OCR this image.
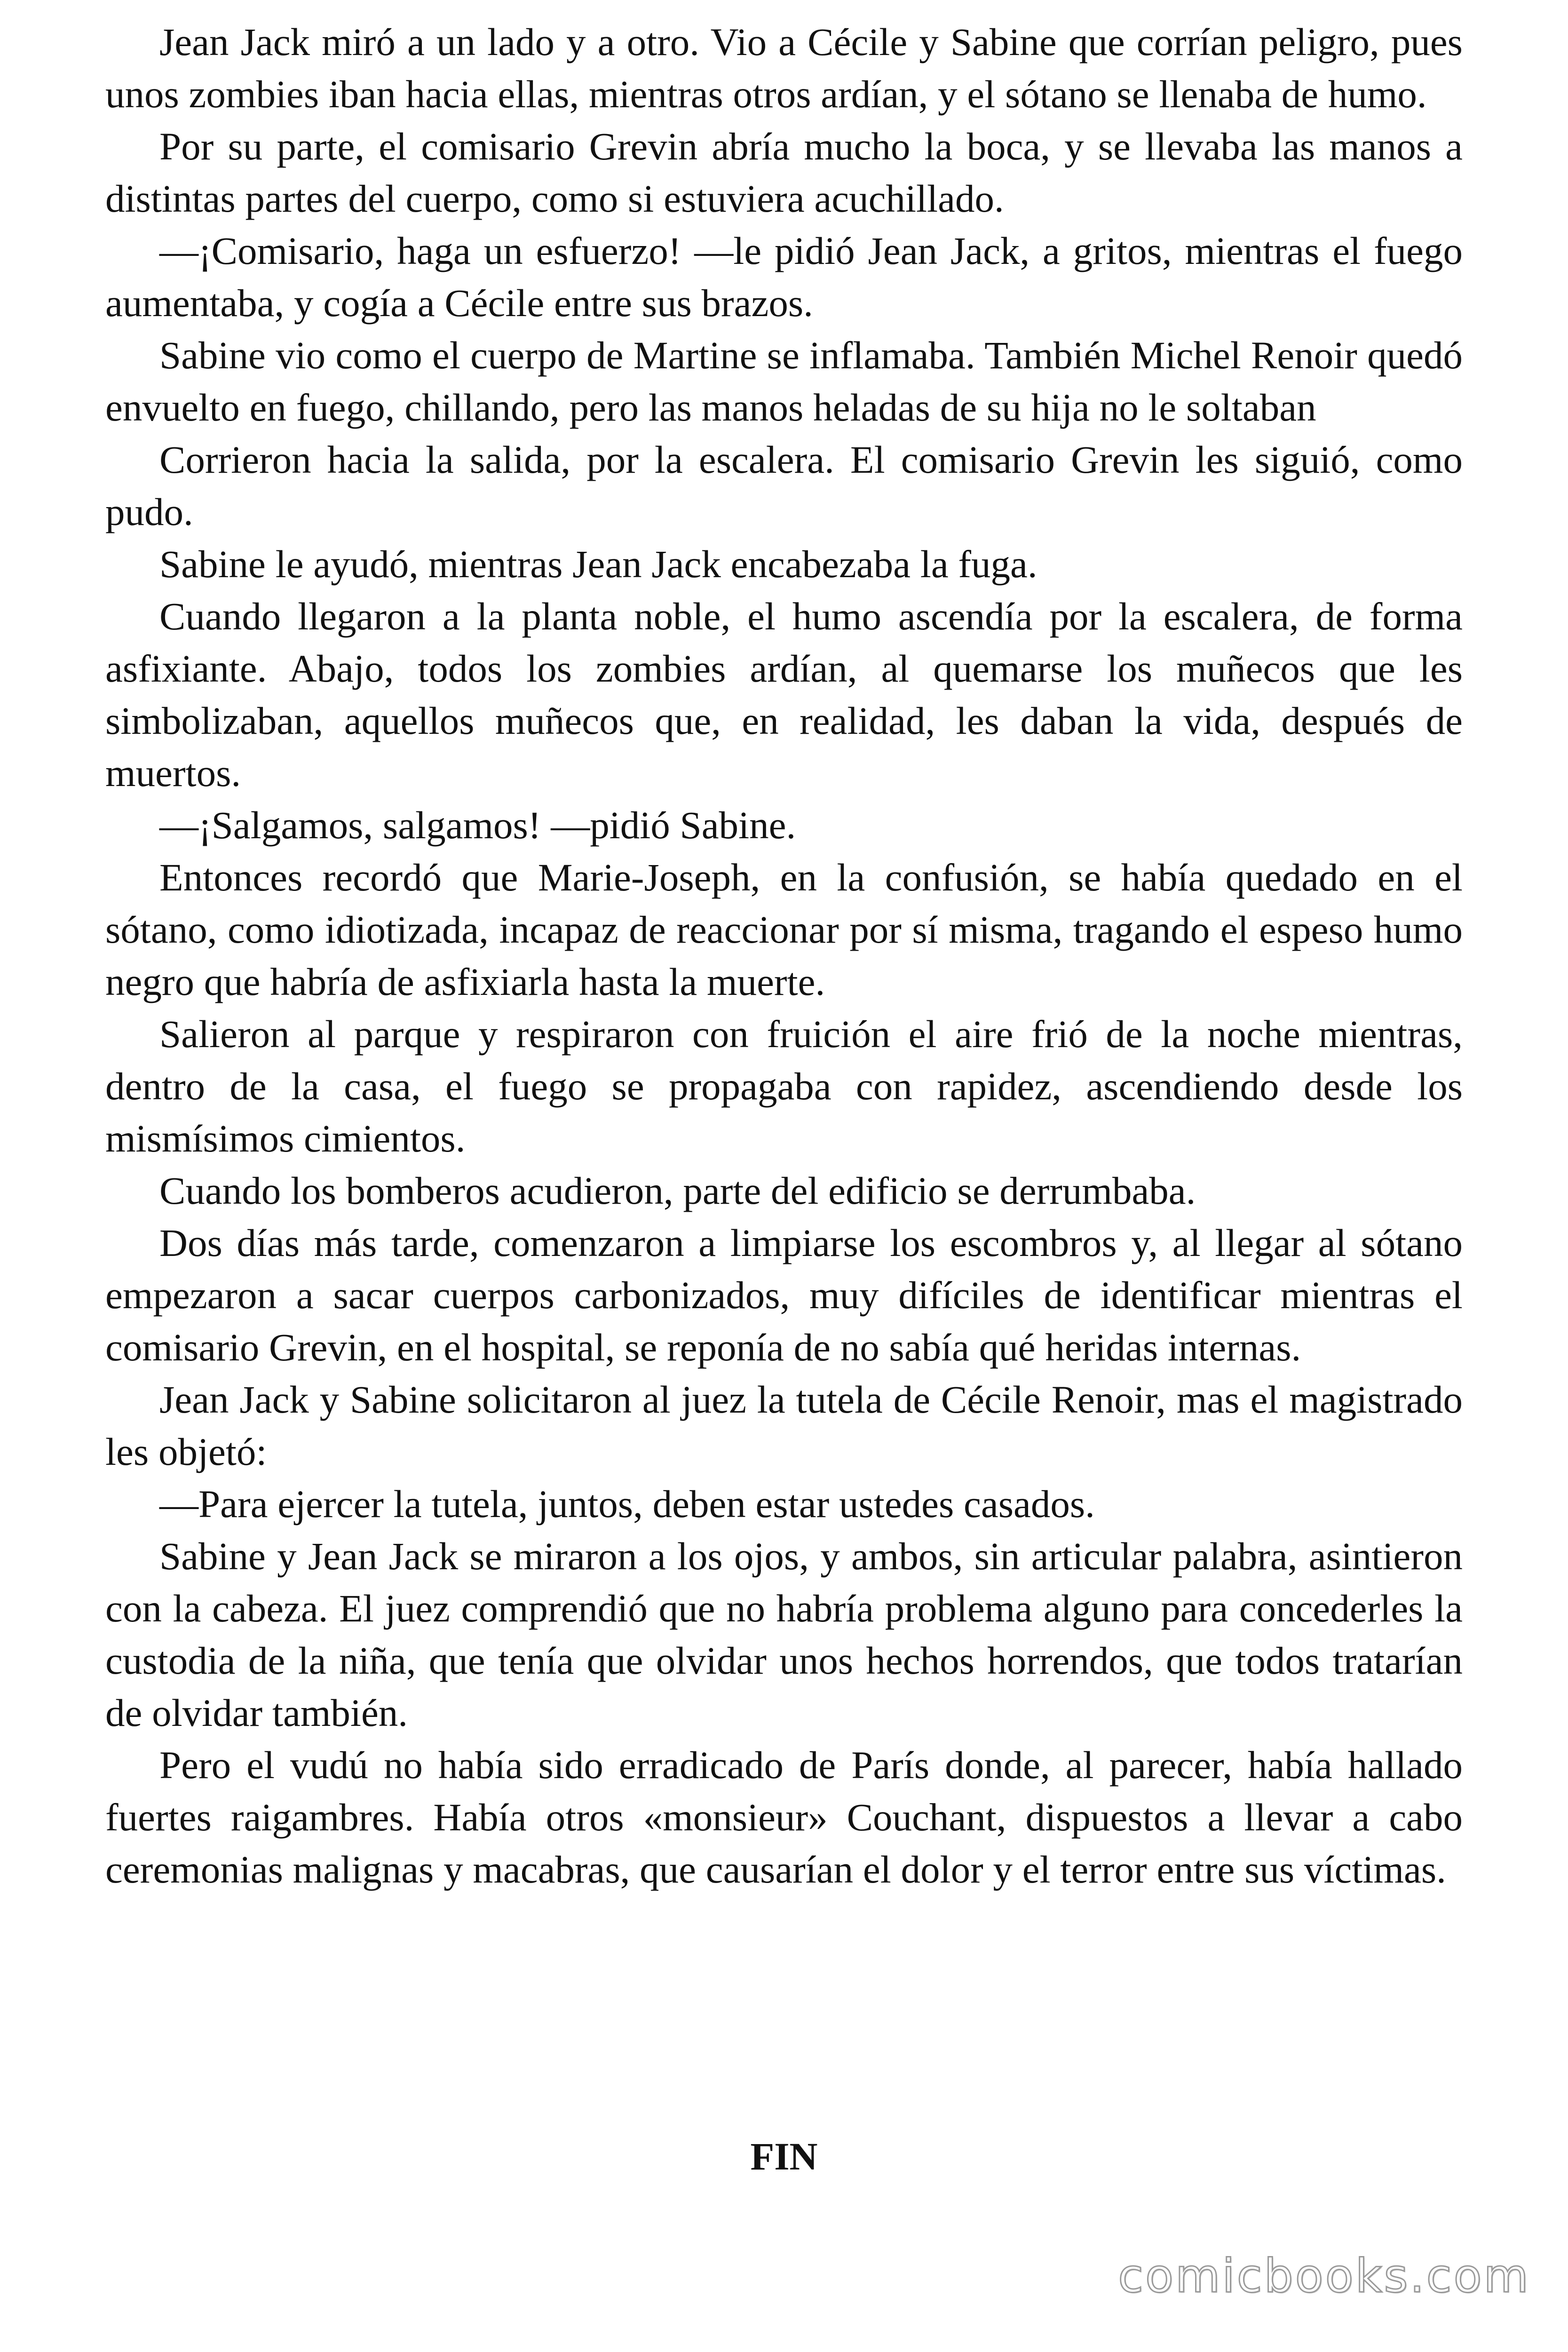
Jean Jack miró a un lado y a otro. Vio a Cécile y Sabine que corrían peligro, pues unos zombies iban hacia ellas, mientras otros ardían, y el sótano se llenaba de humo.

Por su parte, el comisario Grevin abría mucho la boca, y se llevaba las manos a distintas partes del cuerpo, como si estuviera acuchillado.

—¡Comisario, haga un esfuerzo! —le pidió Jean Jack, a gritos, mientras el fuego aumentaba, y cogía a Cécile entre sus brazos.

Sabine vio como el cuerpo de Martine se inflamaba. También Michel Renoir quedó envuelto en fuego, chillando, pero las manos heladas de su hija no le soltaban

Corrieron hacia la salida, por la escalera. El comisario Grevin les siguió, como pudo.

Sabine le ayudó, mientras Jean Jack encabezaba la fuga.

Cuando llegaron a la planta noble, el humo ascendía por la escalera, de forma asfixiante. Abajo, todos los zombies ardían, al quemarse los muñecos que les simbolizaban, aquellos muñecos que, en realidad, les daban la vida, después de muertos.

—¡Salgamos, salgamos! —pidió Sabine.

Entonces recordó que Marie-Joseph, en la confusión, se había quedado en el sótano, como idiotizada, incapaz de reaccionar por sí misma, tragando el espeso humo negro que habría de asfixiarla hasta la muerte.

Salieron al parque y respiraron con fruición el aire frió de la noche mientras, dentro de la casa, el fuego se propagaba con rapidez, ascendiendo desde los mismísimos cimientos.

Cuando los bomberos acudieron, parte del edificio se derrumbaba.

Dos días más tarde, comenzaron a limpiarse los escombros y, al llegar al sótano empezaron a sacar cuerpos carbonizados, muy difíciles de identificar mientras el comisario Grevin, en el hospital, se reponía de no sabía qué heridas internas.

Jean Jack y Sabine solicitaron al juez la tutela de Cécile Renoir, mas el magistrado les objetó:

—Para ejercer la tutela, juntos, deben estar ustedes casados.

Sabine y Jean Jack se miraron a los ojos, y ambos, sin articular palabra, asintieron con la cabeza. El juez comprendió que no habría problema alguno para concederles la custodia de la niña, que tenía que olvidar unos hechos horrendos, que todos tratarían de olvidar también.

Pero el vudú no había sido erradicado de París donde, al parecer, había hallado fuertes raigambres. Había otros «monsieur» Couchant, dispuestos a llevar a cabo ceremonias malignas y macabras, que causarían el dolor y el terror entre sus víctimas.

FIN

comicbooks.com
